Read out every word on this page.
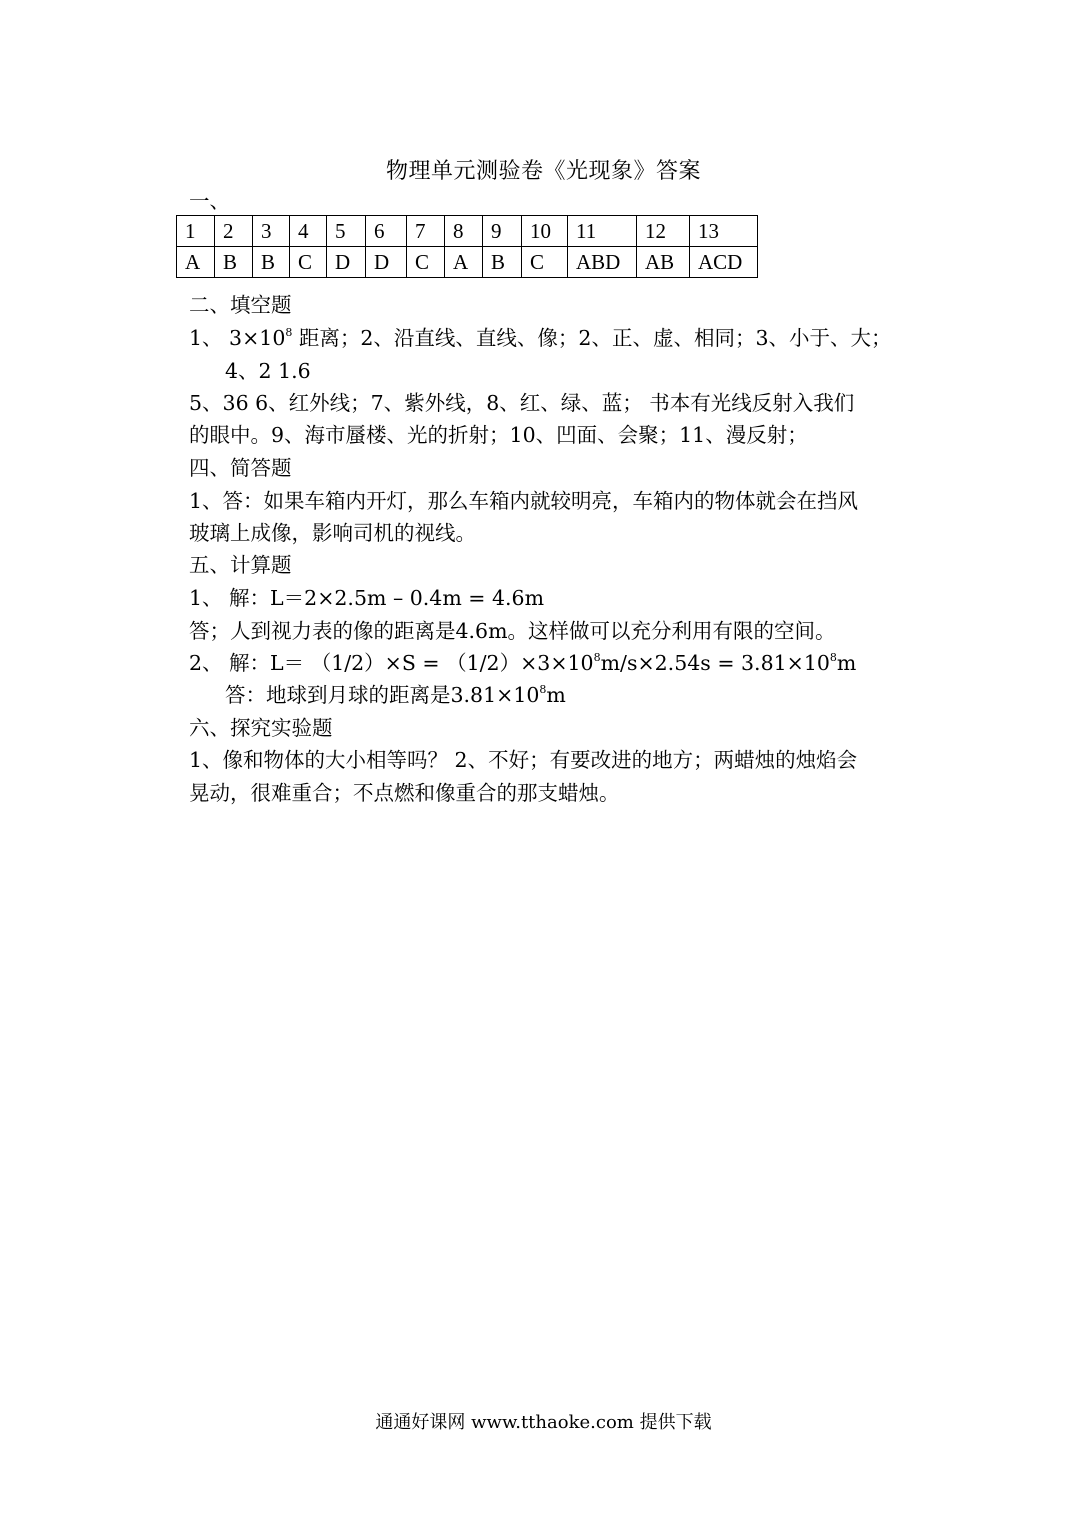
物理单元测验卷《光现象》答案
一、
1	2	3	4	5	6	7	8	9	10	11	12	13
A	B	B	C	D	D	C	A	B	C	ABD	AB	ACD
二、填空题
1、 $3\times 10^8$ 距离；2、沿直线、直线、像；2、正、虚、相同；3、小于、大；
4、2 1.6
5、36 6、红外线；7、紫外线，8、红、绿、蓝； 书本有光线反射入我们
的眼中。9、海市蜃楼、光的折射；10、凹面、会聚；11、漫反射；
四、简答题
1、答：如果车箱内开灯，那么车箱内就较明亮，车箱内的物体就会在挡风
玻璃上成像，影响司机的视线。
五、计算题
1、 解：L＝2×2.5m – 0.4m = 4.6m
答；人到视力表的像的距离是4.6m。这样做可以充分利用有限的空间。
2、 解：$L= (1/2)\times S = (1/2)\times 3\times 10^8m/s\times 2.54s = 3.81\times 10^8m$
答：地球到月球的距离是$3.81\times 10^8m$
六、探究实验题
1、像和物体的大小相等吗？ 2、不好；有要改进的地方；两蜡烛的烛焰会
晃动，很难重合；不点燃和像重合的那支蜡烛。
通通好课网 www.tthaoke.com 提供下载
